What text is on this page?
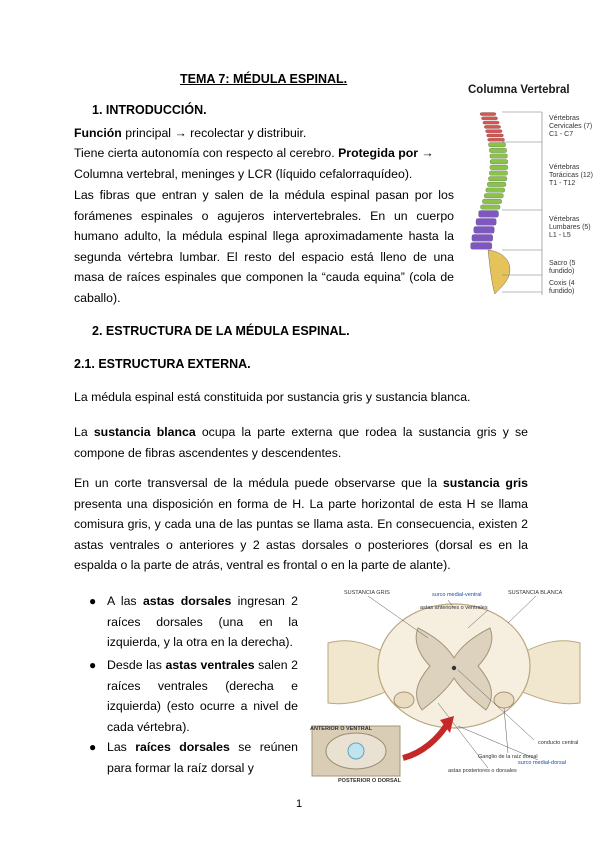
TEMA 7: MÉDULA ESPINAL.
1. INTRODUCCIÓN.
Función principal → recolectar y distribuir.
Tiene cierta autonomía con respecto al cerebro. Protegida por →
Columna vertebral, meninges y LCR (líquido cefalorraquídeo).
Las fibras que entran y salen de la médula espinal pasan por los forámenes espinales o agujeros intervertebrales. En un cuerpo humano adulto, la médula espinal llega aproximadamente hasta la segunda vértebra lumbar. El resto del espacio está lleno de una masa de raíces espinales que componen la “cauda equina” (cola de caballo).
Columna Vertebral
Vértebras Cervicales (7) C1 - C7
Vértebras Torácicas (12) T1 - T12
Vértebras Lumbares (5) L1 - L5
Sacro (5 fundido)
Coxis (4 fundido)
2. ESTRUCTURA DE LA MÉDULA ESPINAL.
2.1. ESTRUCTURA EXTERNA.
La médula espinal está constituida por sustancia gris y sustancia blanca.
La sustancia blanca ocupa la parte externa que rodea la sustancia gris y se compone de fibras ascendentes y descendentes.
En un corte transversal de la médula puede observarse que la sustancia gris presenta una disposición en forma de H. La parte horizontal de esta H se llama comisura gris, y cada una de las puntas se llama asta. En consecuencia, existen 2 astas ventrales o anteriores y 2 astas dorsales o posteriores (dorsal es en la espalda o la parte de atrás, ventral es frontal o en la parte de alante).
● A las astas dorsales ingresan 2 raíces dorsales (una en la izquierda, y la otra en la derecha).
● Desde las astas ventrales salen 2 raíces ventrales (derecha e izquierda) (esto ocurre a nivel de cada vértebra).
● Las raíces dorsales se reúnen para formar la raíz dorsal y
SUSTANCIA GRIS	surco medial-ventral	SUSTANCIA BLANCA
astas anteriores o ventrales
ANTERIOR O VENTRAL
conducto central
Ganglio de la raíz dorsal
surco medial-dorsal
astas posteriores o dorsales
POSTERIOR O DORSAL
1
